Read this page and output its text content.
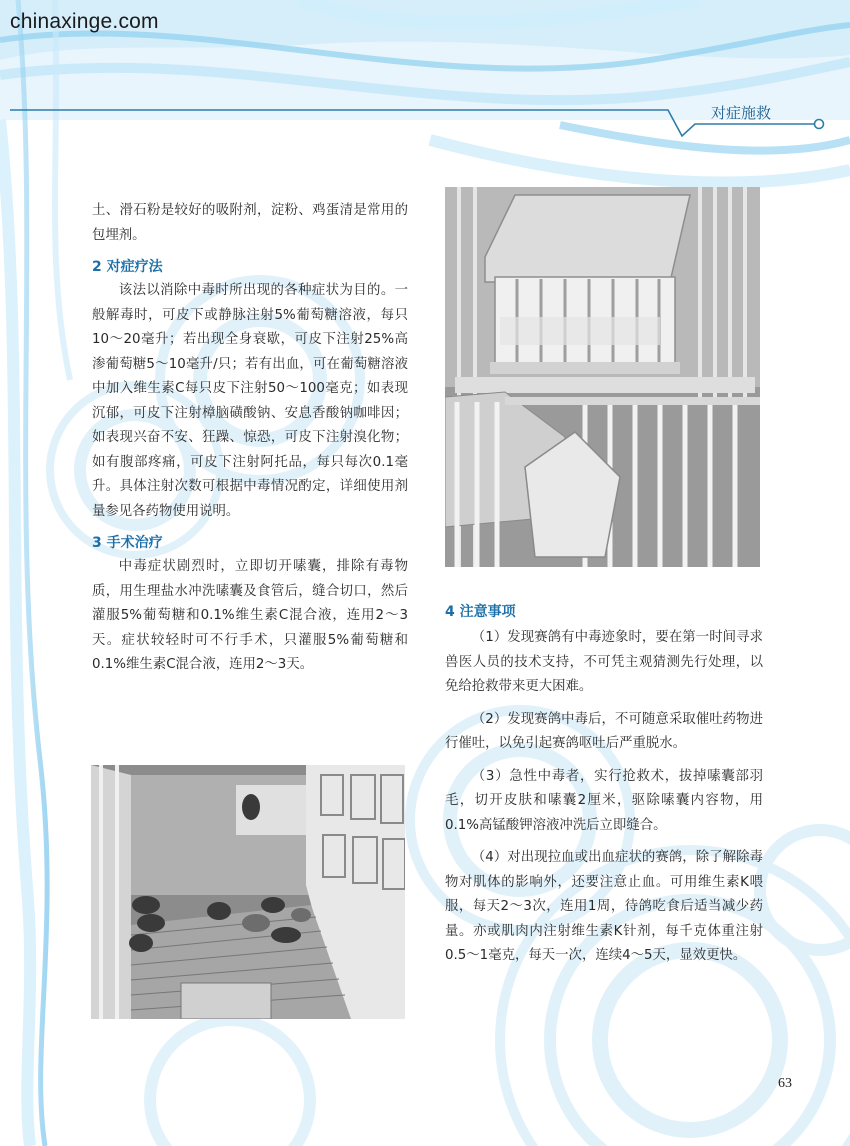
chinaxinge.com
对症施救

土、滑石粉是较好的吸附剂，淀粉、鸡蛋清是常用的包埋剂。

2 对症疗法

该法以消除中毒时所出现的各种症状为目的。一般解毒时，可皮下或静脉注射5%葡萄糖溶液，每只10～20毫升；若出现全身衰歇，可皮下注射25%高渗葡萄糖5～10毫升/只；若有出血，可在葡萄糖溶液中加入维生素C每只皮下注射50～100毫克；如表现沉郁，可皮下注射樟脑磺酸钠、安息香酸钠咖啡因；如表现兴奋不安、狂躁、惊恐，可皮下注射溴化物；如有腹部疼痛，可皮下注射阿托品，每只每次0.1毫升。具体注射次数可根据中毒情况酌定，详细使用剂量参见各药物使用说明。

3 手术治疗

中毒症状剧烈时，立即切开嗉囊，排除有毒物质，用生理盐水冲洗嗉囊及食管后，缝合切口，然后灌服5%葡萄糖和0.1%维生素C混合液，连用2～3天。症状较轻时可不行手术，只灌服5%葡萄糖和0.1%维生素C混合液，连用2～3天。

4 注意事项

（1）发现赛鸽有中毒迹象时，要在第一时间寻求兽医人员的技术支持，不可凭主观猜测先行处理，以免给抢救带来更大困难。

（2）发现赛鸽中毒后，不可随意采取催吐药物进行催吐，以免引起赛鸽呕吐后严重脱水。

（3）急性中毒者，实行抢救术，拔掉嗉囊部羽毛，切开皮肤和嗉囊2厘米，驱除嗉囊内容物，用0.1%高锰酸钾溶液冲洗后立即缝合。

（4）对出现拉血或出血症状的赛鸽，除了解除毒物对肌体的影响外，还要注意止血。可用维生素K喂服，每天2～3次，连用1周，待鸽吃食后适当减少药量。亦或肌肉内注射维生素K针剂，每千克体重注射0.5～1毫克，每天一次，连续4～5天，显效更快。

63
